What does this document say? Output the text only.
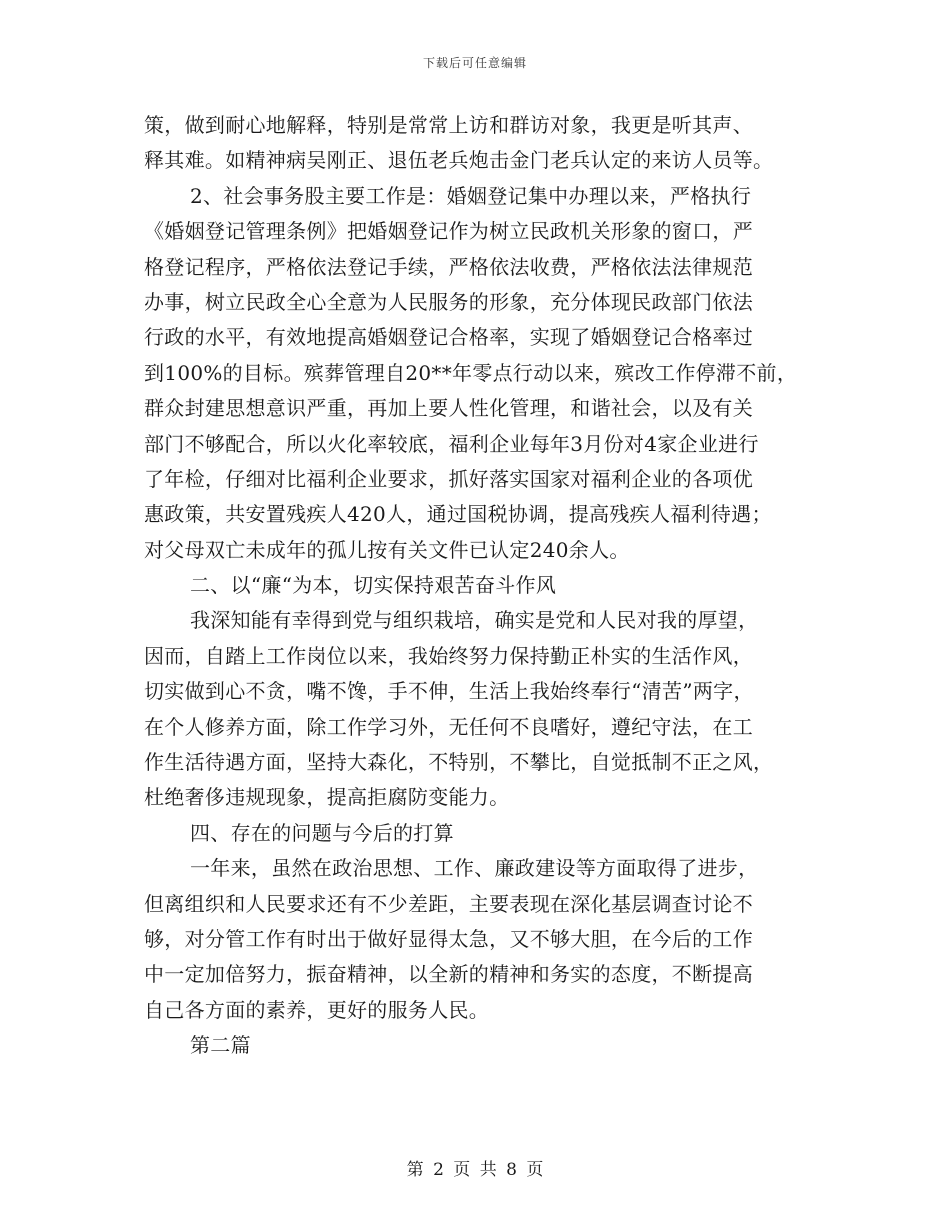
下载后可任意编辑
策，做到耐心地解释，特别是常常上访和群访对象，我更是听其声、
释其难。如精神病吴刚正、退伍老兵炮击金门老兵认定的来访人员等。
2、社会事务股主要工作是：婚姻登记集中办理以来，严格执行
《婚姻登记管理条例》把婚姻登记作为树立民政机关形象的窗口，严
格登记程序，严格依法登记手续，严格依法收费，严格依法法律规范
办事，树立民政全心全意为人民服务的形象，充分体现民政部门依法
行政的水平，有效地提高婚姻登记合格率，实现了婚姻登记合格率过
到100%的目标。殡葬管理自20**年零点行动以来，殡改工作停滞不前，
群众封建思想意识严重，再加上要人性化管理，和谐社会，以及有关
部门不够配合，所以火化率较底，福利企业每年3月份对4家企业进行
了年检，仔细对比福利企业要求，抓好落实国家对福利企业的各项优
惠政策，共安置残疾人420人，通过国税协调，提高残疾人福利待遇；
对父母双亡未成年的孤儿按有关文件已认定240余人。
二、以“廉“为本，切实保持艰苦奋斗作风
我深知能有幸得到党与组织栽培，确实是党和人民对我的厚望，
因而，自踏上工作岗位以来，我始终努力保持勤正朴实的生活作风，
切实做到心不贪，嘴不馋，手不伸，生活上我始终奉行“清苦”两字，
在个人修养方面，除工作学习外，无任何不良嗜好，遵纪守法，在工
作生活待遇方面，坚持大森化，不特别，不攀比，自觉抵制不正之风，
杜绝奢侈违规现象，提高拒腐防变能力。
四、存在的问题与今后的打算
一年来，虽然在政治思想、工作、廉政建设等方面取得了进步，
但离组织和人民要求还有不少差距，主要表现在深化基层调查讨论不
够，对分管工作有时出于做好显得太急，又不够大胆，在今后的工作
中一定加倍努力，振奋精神，以全新的精神和务实的态度，不断提高
自己各方面的素养，更好的服务人民。
第二篇
第 2 页 共 8 页
